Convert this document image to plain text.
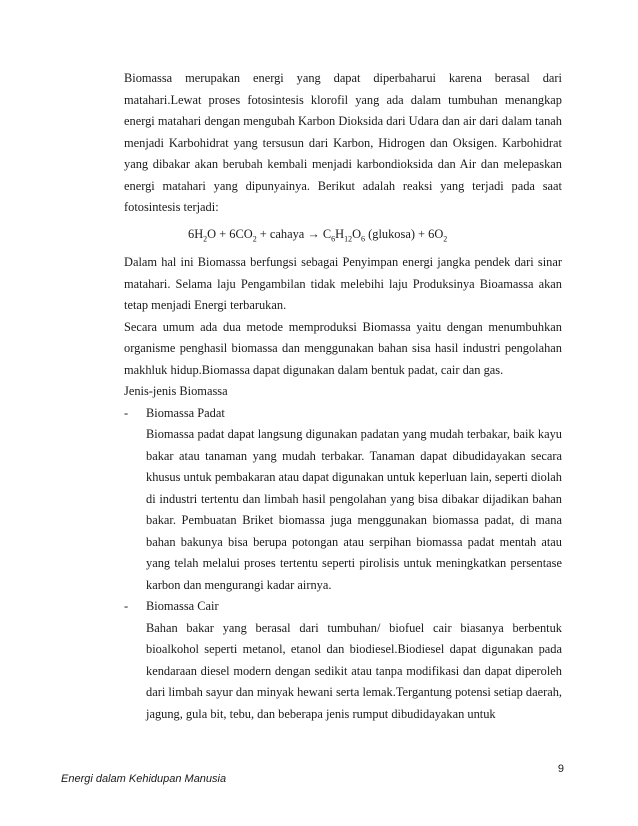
Biomassa merupakan energi yang dapat diperbaharui karena berasal dari matahari.Lewat proses fotosintesis klorofil yang ada dalam tumbuhan menangkap energi matahari dengan mengubah Karbon Dioksida dari Udara dan air dari dalam tanah menjadi Karbohidrat yang tersusun dari Karbon, Hidrogen dan Oksigen. Karbohidrat yang dibakar akan berubah kembali menjadi karbondioksida dan Air dan melepaskan energi matahari yang dipunyainya. Berikut adalah reaksi yang terjadi pada saat fotosintesis terjadi:

$6H_2O + 6CO_2$ + cahaya → $C_6H_{12}O_6$ (glukosa) + $6O_2$

Dalam hal ini Biomassa berfungsi sebagai Penyimpan energi jangka pendek dari sinar matahari. Selama laju Pengambilan tidak melebihi laju Produksinya Bioamassa akan tetap menjadi Energi terbarukan.

Secara umum ada dua metode memproduksi Biomassa yaitu dengan menumbuhkan organisme penghasil biomassa dan menggunakan bahan sisa hasil industri pengolahan makhluk hidup.Biomassa dapat digunakan dalam bentuk padat, cair dan gas.

Jenis-jenis Biomassa

-	Biomassa Padat

Biomassa padat dapat langsung digunakan padatan yang mudah terbakar, baik kayu bakar atau tanaman yang mudah terbakar. Tanaman dapat dibudidayakan secara khusus untuk pembakaran atau dapat digunakan untuk keperluan lain, seperti diolah di industri tertentu dan limbah hasil pengolahan yang bisa dibakar dijadikan bahan bakar. Pembuatan Briket biomassa juga menggunakan biomassa padat, di mana bahan bakunya bisa berupa potongan atau serpihan biomassa padat mentah atau yang telah melalui proses tertentu seperti pirolisis untuk meningkatkan persentase karbon dan mengurangi kadar airnya.

-	Biomassa Cair

Bahan bakar yang berasal dari tumbuhan/ biofuel cair biasanya berbentuk bioalkohol seperti metanol, etanol dan biodiesel.Biodiesel dapat digunakan pada kendaraan diesel modern dengan sedikit atau tanpa modifikasi dan dapat diperoleh dari limbah sayur dan minyak hewani serta lemak.Tergantung potensi setiap daerah, jagung, gula bit, tebu, dan beberapa jenis rumput dibudidayakan untuk

9
Energi dalam Kehidupan Manusia
